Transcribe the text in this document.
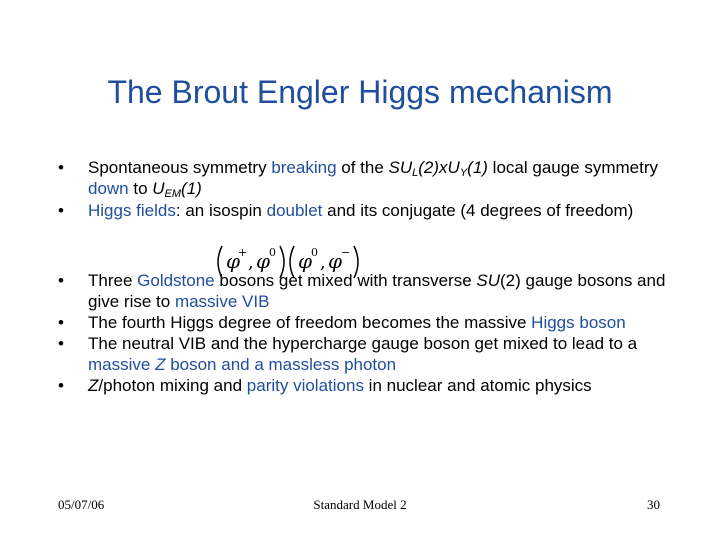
The Brout Engler Higgs mechanism
•	Spontaneous symmetry breaking of the $SU_L(2)xU_Y(1)$ local gauge symmetry down to $U_{EM}(1)$
•	Higgs fields: an isospin doublet and its conjugate (4 degrees of freedom)
•	Three Goldstone bosons get mixed with transverse SU(2) gauge bosons and give rise to massive VIB
•	The fourth Higgs degree of freedom becomes the massive Higgs boson
•	The neutral VIB and the hypercharge gauge boson get mixed to lead to a massive Z boson and a massless photon
•	Z/photon mixing and parity violations in nuclear and atomic physics
φ
+ , φ
0 φ
0 , φ
−
05/07/06	Standard Model 2	30
